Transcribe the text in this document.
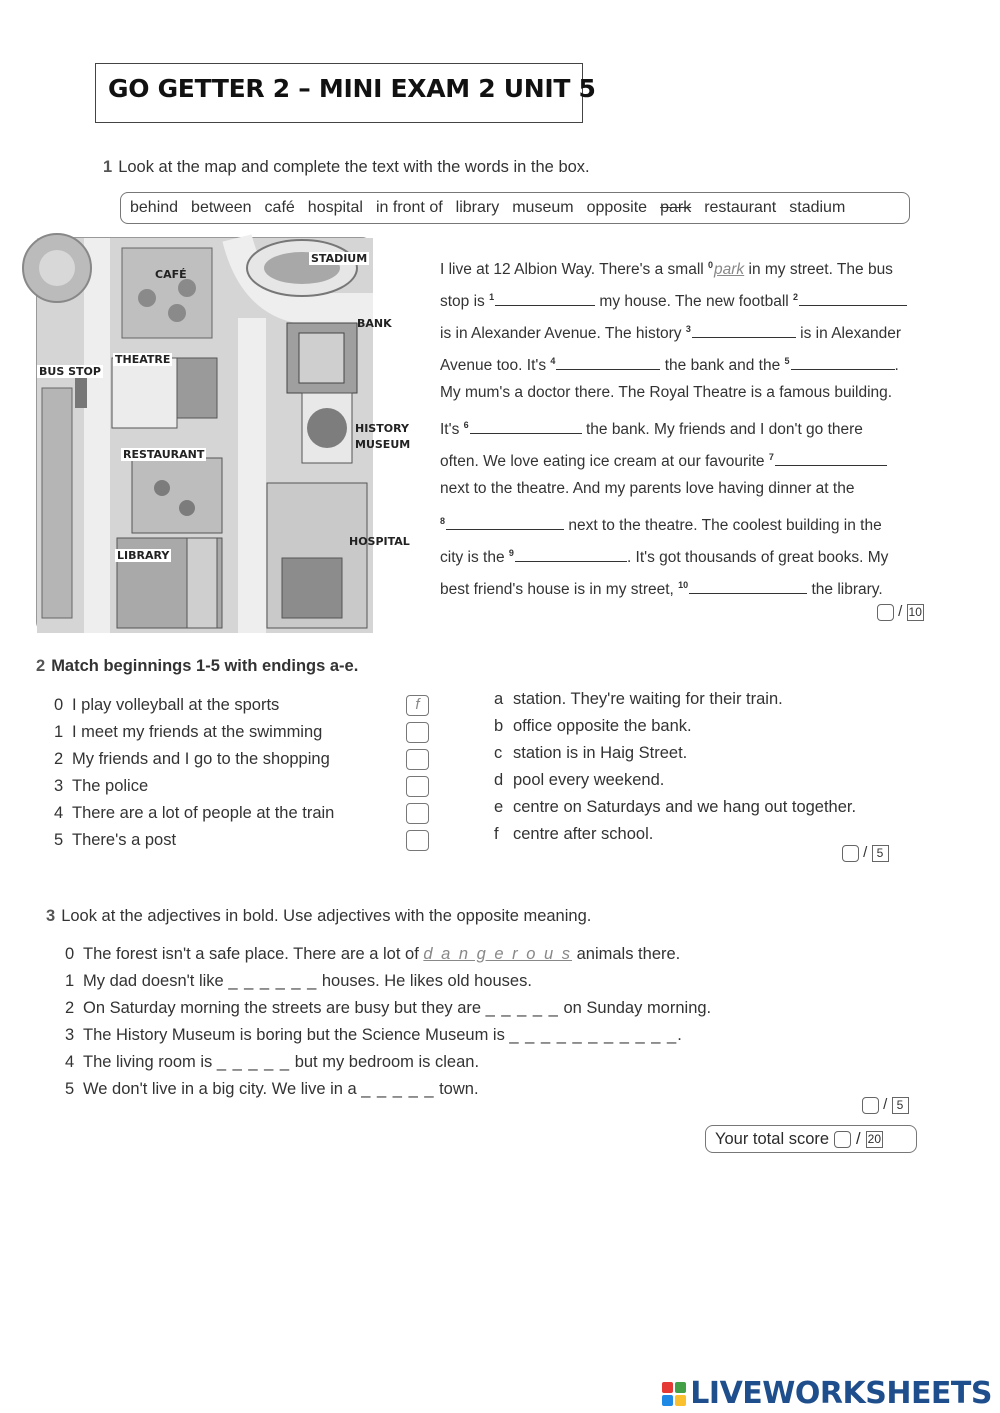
GO GETTER 2 – MINI EXAM 2 UNIT 5
1 Look at the map and complete the text with the words in the box.
behind between café hospital in front of library museum opposite park restaurant stadium
STADIUM
CAFÉ
BANK
THEATRE
BUS STOP
HISTORY
MUSEUM
RESTAURANT
HOSPITAL
LIBRARY
I live at 12 Albion Way. There's a small $^0$park in my street. The bus
stop is $^1$	my house. The new football $^2$
is in Alexander Avenue. The history $^3$	is in Alexander
Avenue too. It's $^4$	the bank and the $^5$	.
My mum's a doctor there. The Royal Theatre is a famous building.
It's $^6$	the bank. My friends and I don't go there
often. We love eating ice cream at our favourite $^7$
next to the theatre. And my parents love having dinner at the
$^8$	next to the theatre. The coolest building in the
city is the $^9$	. It's got thousands of great books. My
best friend's house is in my street, $^{10}$	the library.
/ 10
2 Match beginnings 1-5 with endings a-e.
0 I play volleyball at the sports
1 I meet my friends at the swimming
2 My friends and I go to the shopping
3 The police
4 There are a lot of people at the train
5 There's a post
f	a station. They're waiting for their train.
b office opposite the bank.
c station is in Haig Street.
d pool every weekend.
e centre on Saturdays and we hang out together.
f centre after school.
/ 5
3 Look at the adjectives in bold. Use adjectives with the opposite meaning.
0 The forest isn't a safe place. There are a lot of d a n g e r o u s animals there.
1 My dad doesn't like _ _ _ _ _ _ houses. He likes old houses.
2 On Saturday morning the streets are busy but they are _ _ _ _ _ on Sunday morning.
3 The History Museum is boring but the Science Museum is _ _ _ _ _ _ _ _ _ _ _.
4 The living room is _ _ _ _ _ but my bedroom is clean.
5 We don't live in a big city. We live in a _ _ _ _ _ town.
/ 5
Your total score / 20
LIVEWORKSHEETS
